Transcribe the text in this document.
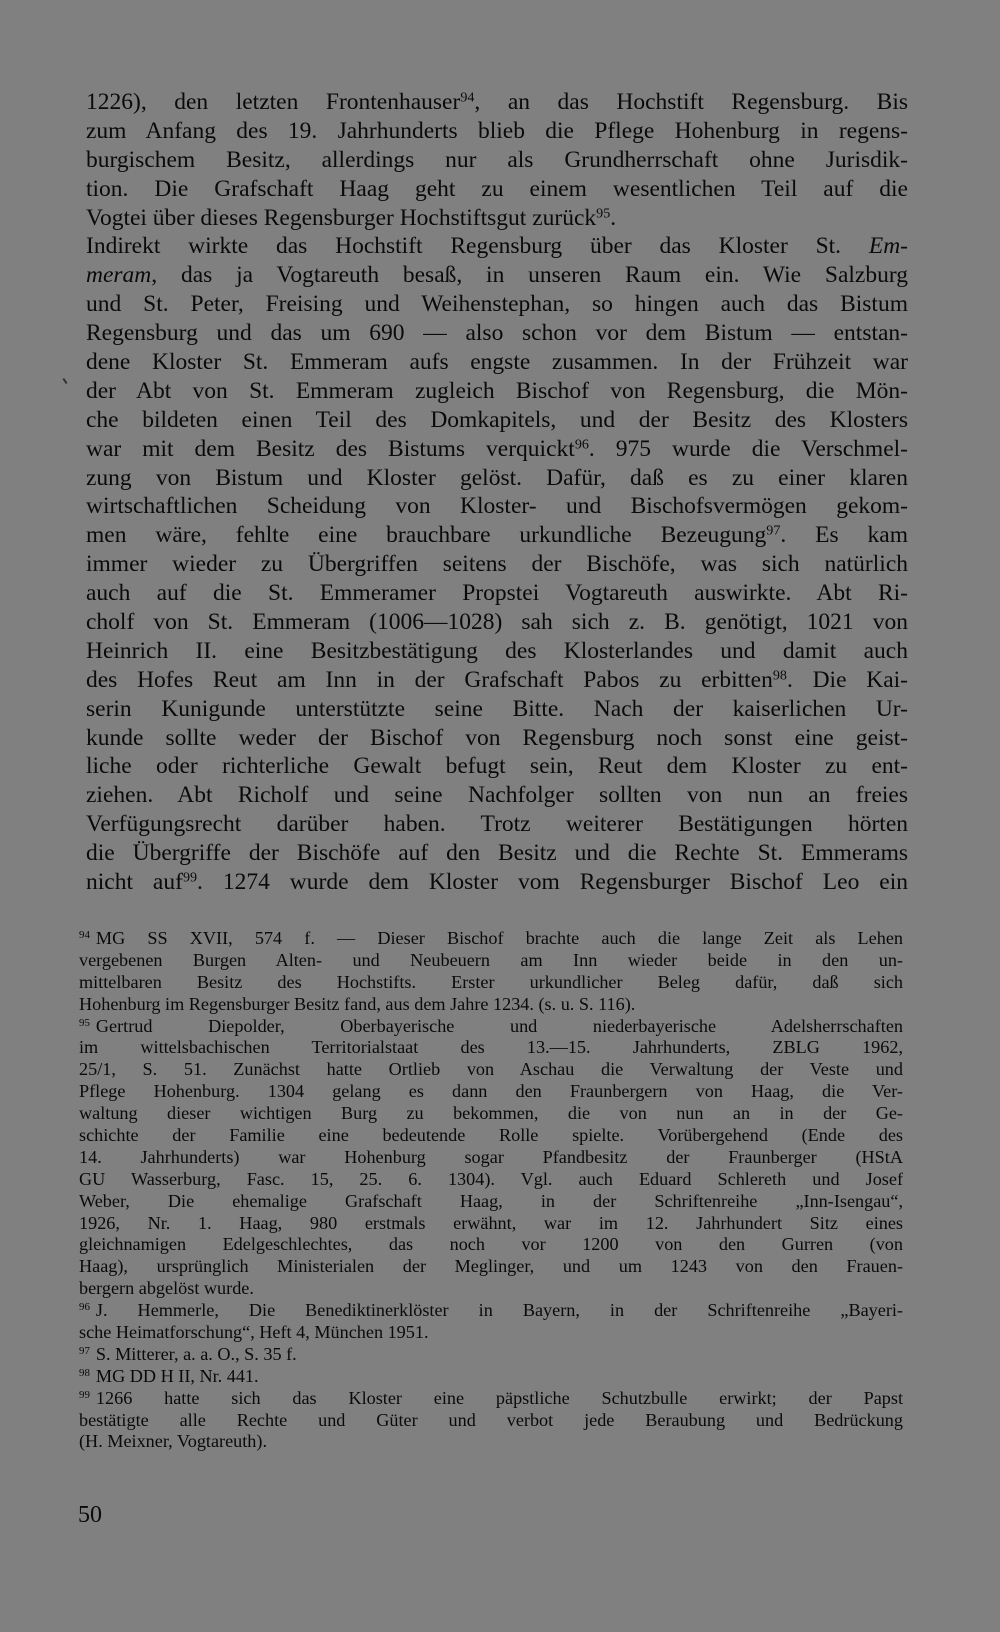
1226), den letzten Frontenhauser$^{94}$, an das Hochstift Regensburg. Bis
zum Anfang des 19. Jahrhunderts blieb die Pflege Hohenburg in regens-
burgischem Besitz, allerdings nur als Grundherrschaft ohne Jurisdik-
tion. Die Grafschaft Haag geht zu einem wesentlichen Teil auf die
Vogtei über dieses Regensburger Hochstiftsgut zurück$^{95}$.
Indirekt wirkte das Hochstift Regensburg über das Kloster St. Em-
meram, das ja Vogtareuth besaß, in unseren Raum ein. Wie Salzburg
und St. Peter, Freising und Weihenstephan, so hingen auch das Bistum
Regensburg und das um 690 — also schon vor dem Bistum — entstan-
dene Kloster St. Emmeram aufs engste zusammen. In der Frühzeit war
der Abt von St. Emmeram zugleich Bischof von Regensburg, die Mön-
che bildeten einen Teil des Domkapitels, und der Besitz des Klosters
war mit dem Besitz des Bistums verquickt$^{96}$. 975 wurde die Verschmel-
zung von Bistum und Kloster gelöst. Dafür, daß es zu einer klaren
wirtschaftlichen Scheidung von Kloster- und Bischofsvermögen gekom-
men wäre, fehlte eine brauchbare urkundliche Bezeugung$^{97}$. Es kam
immer wieder zu Übergriffen seitens der Bischöfe, was sich natürlich
auch auf die St. Emmeramer Propstei Vogtareuth auswirkte. Abt Ri-
cholf von St. Emmeram (1006—1028) sah sich z. B. genötigt, 1021 von
Heinrich II. eine Besitzbestätigung des Klosterlandes und damit auch
des Hofes Reut am Inn in der Grafschaft Pabos zu erbitten$^{98}$. Die Kai-
serin Kunigunde unterstützte seine Bitte. Nach der kaiserlichen Ur-
kunde sollte weder der Bischof von Regensburg noch sonst eine geist-
liche oder richterliche Gewalt befugt sein, Reut dem Kloster zu ent-
ziehen. Abt Richolf und seine Nachfolger sollten von nun an freies
Verfügungsrecht darüber haben. Trotz weiterer Bestätigungen hörten
die Übergriffe der Bischöfe auf den Besitz und die Rechte St. Emmerams
nicht auf$^{99}$. 1274 wurde dem Kloster vom Regensburger Bischof Leo ein
$^{94}$ MG SS XVII, 574 f. — Dieser Bischof brachte auch die lange Zeit als Lehen
vergebenen Burgen Alten- und Neubeuern am Inn wieder beide in den un-
mittelbaren Besitz des Hochstifts. Erster urkundlicher Beleg dafür, daß sich
Hohenburg im Regensburger Besitz fand, aus dem Jahre 1234. (s. u. S. 116).
$^{95}$ Gertrud Diepolder, Oberbayerische und niederbayerische Adelsherrschaften
im wittelsbachischen Territorialstaat des 13.—15. Jahrhunderts, ZBLG 1962,
25/1, S. 51. Zunächst hatte Ortlieb von Aschau die Verwaltung der Veste und
Pflege Hohenburg. 1304 gelang es dann den Fraunbergern von Haag, die Ver-
waltung dieser wichtigen Burg zu bekommen, die von nun an in der Ge-
schichte der Familie eine bedeutende Rolle spielte. Vorübergehend (Ende des
14. Jahrhunderts) war Hohenburg sogar Pfandbesitz der Fraunberger (HStA
GU Wasserburg, Fasc. 15, 25. 6. 1304). Vgl. auch Eduard Schlereth und Josef
Weber, Die ehemalige Grafschaft Haag, in der Schriftenreihe „Inn-Isengau“,
1926, Nr. 1. Haag, 980 erstmals erwähnt, war im 12. Jahrhundert Sitz eines
gleichnamigen Edelgeschlechtes, das noch vor 1200 von den Gurren (von
Haag), ursprünglich Ministerialen der Meglinger, und um 1243 von den Frauen-
bergern abgelöst wurde.
$^{96}$ J. Hemmerle, Die Benediktinerklöster in Bayern, in der Schriftenreihe „Bayeri-
sche Heimatforschung“, Heft 4, München 1951.
$^{97}$ S. Mitterer, a. a. O., S. 35 f.
$^{98}$ MG DD H II, Nr. 441.
$^{99}$ 1266 hatte sich das Kloster eine päpstliche Schutzbulle erwirkt; der Papst
bestätigte alle Rechte und Güter und verbot jede Beraubung und Bedrückung
(H. Meixner, Vogtareuth).
50
